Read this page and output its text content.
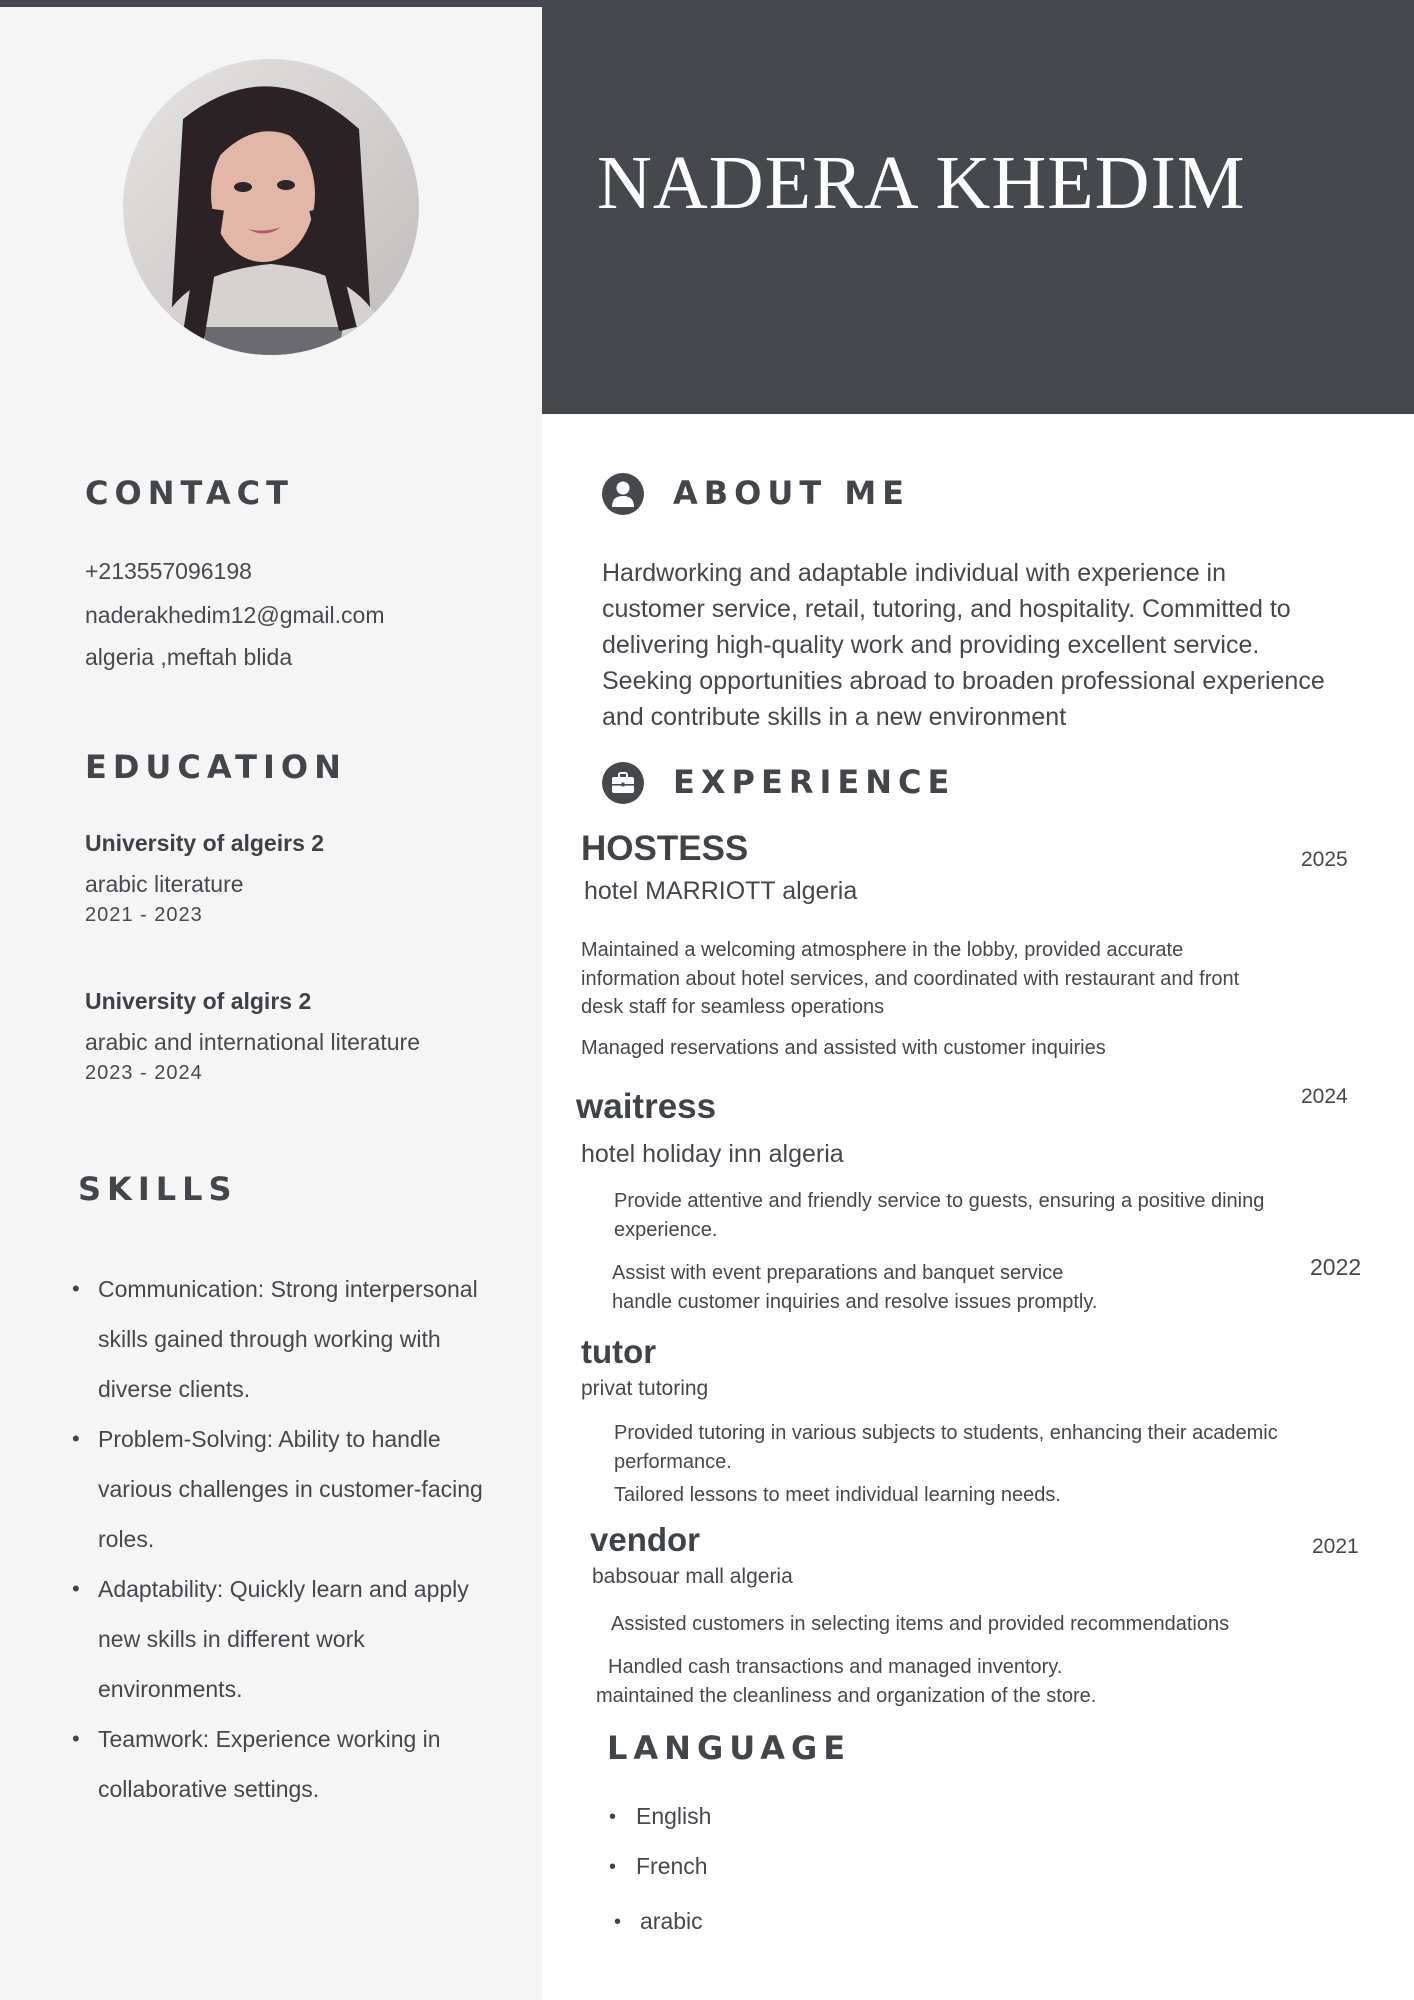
NADERA KHEDIM
CONTACT
+213557096198
naderakhedim12@gmail.com
algeria ,meftah blida
EDUCATION
University of algeirs 2
arabic literature
2021 - 2023
University of algirs 2
arabic and international literature
2023 - 2024
SKILLS
• Communication: Strong interpersonal skills gained through working with diverse clients.
• Problem-Solving: Ability to handle various challenges in customer-facing roles.
• Adaptability: Quickly learn and apply new skills in different work environments.
• Teamwork: Experience working in collaborative settings.
ABOUT ME
Hardworking and adaptable individual with experience in
customer service, retail, tutoring, and hospitality. Committed to
delivering high-quality work and providing excellent service.
Seeking opportunities abroad to broaden professional experience
and contribute skills in a new environment
EXPERIENCE
HOSTESS	2025
hotel MARRIOTT algeria
Maintained a welcoming atmosphere in the lobby, provided accurate
information about hotel services, and coordinated with restaurant and front
desk staff for seamless operations
Managed reservations and assisted with customer inquiries
waitress	2024
hotel holiday inn algeria
Provide attentive and friendly service to guests, ensuring a positive dining
experience.
Assist with event preparations and banquet service
handle customer inquiries and resolve issues promptly.
2022
tutor
privat tutoring
Provided tutoring in various subjects to students, enhancing their academic
performance.
Tailored lessons to meet individual learning needs.
vendor	2021
babsouar mall algeria
Assisted customers in selecting items and provided recommendations
Handled cash transactions and managed inventory.
maintained the cleanliness and organization of the store.
LANGUAGE
• English
• French
• arabic
